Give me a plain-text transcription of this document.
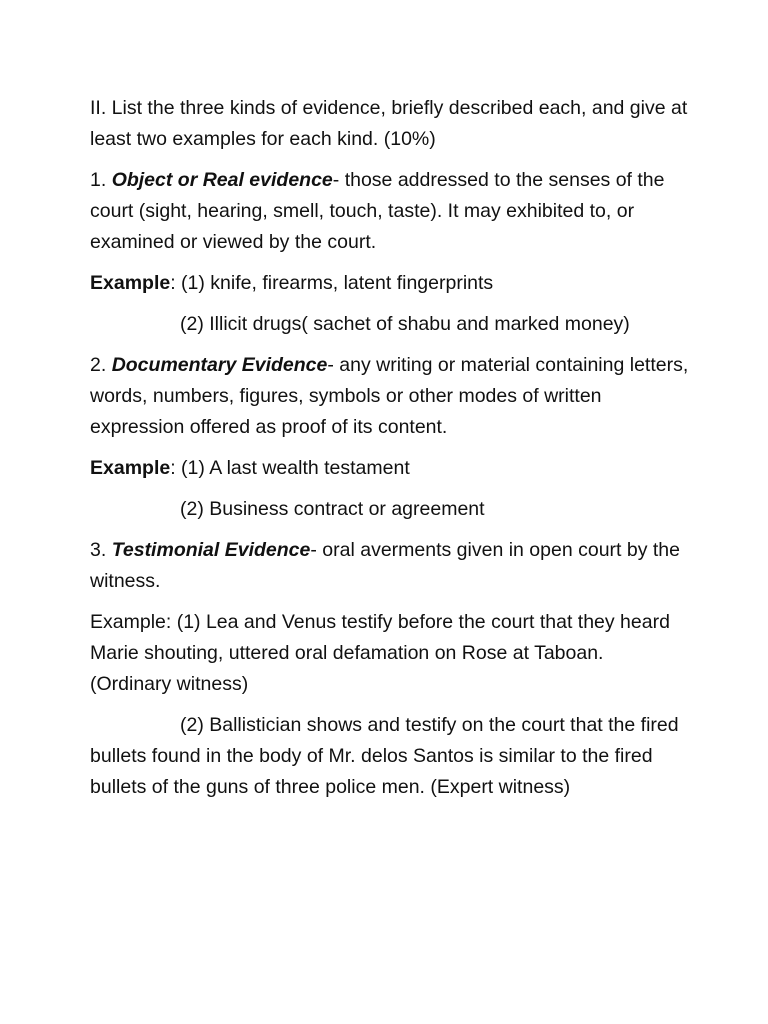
II. List the three kinds of evidence, briefly described each, and give at least two examples for each kind. (10%)

1. Object or Real evidence- those addressed to the senses of the court (sight, hearing, smell, touch, taste). It may exhibited to, or examined or viewed by the court.

Example: (1) knife, firearms, latent fingerprints

(2) Illicit drugs( sachet of shabu and marked money)

2. Documentary Evidence- any writing or material containing letters, words, numbers, figures, symbols or other modes of written expression offered as proof of its content.

Example: (1) A last wealth testament

(2) Business contract or agreement

3. Testimonial Evidence- oral averments given in open court by the witness.

Example: (1) Lea and Venus testify before the court that they heard Marie shouting, uttered oral defamation on Rose at Taboan. (Ordinary witness)

(2) Ballistician shows and testify on the court that the fired bullets found in the body of Mr. delos Santos is similar to the fired bullets of the guns of three police men. (Expert witness)
